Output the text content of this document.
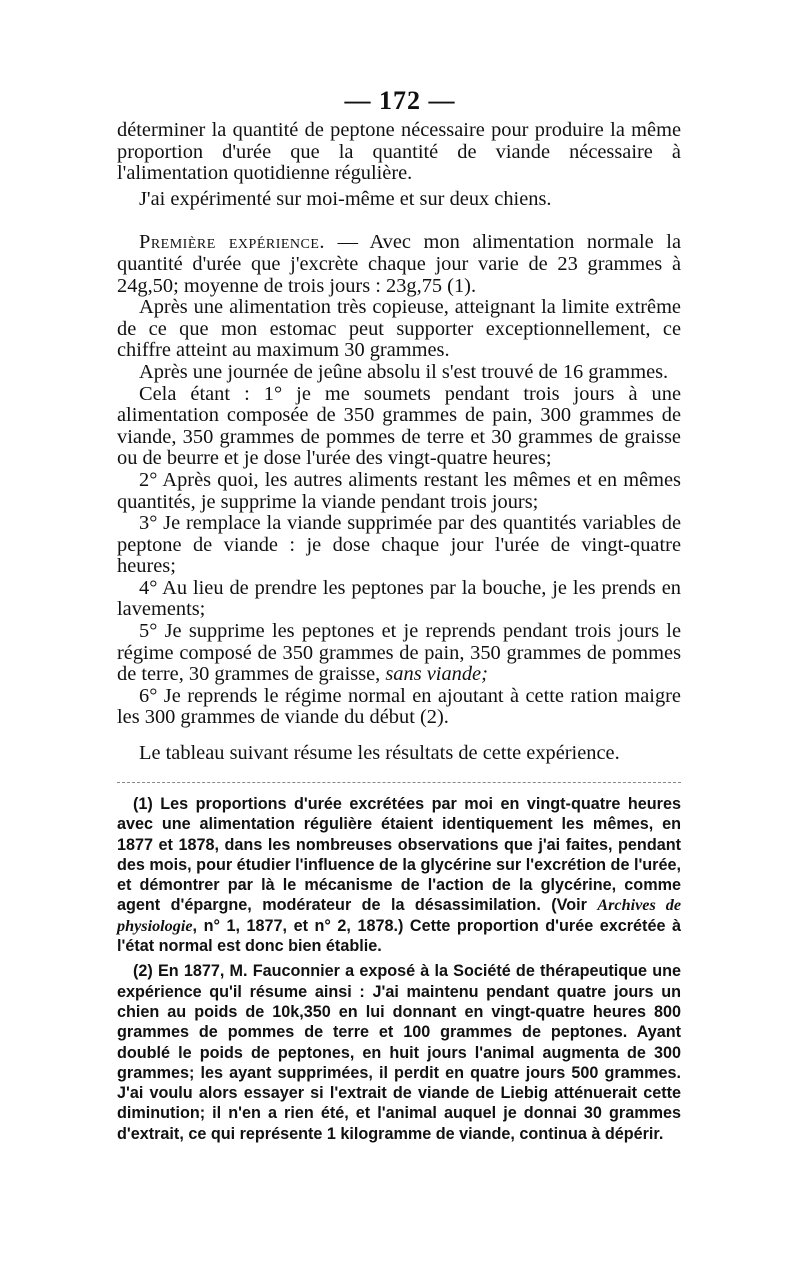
— 172 —

déterminer la quantité de peptone nécessaire pour produire la même proportion d'urée que la quantité de viande nécessaire à l'alimentation quotidienne régulière.

J'ai expérimenté sur moi-même et sur deux chiens.

Première expérience. — Avec mon alimentation normale la quantité d'urée que j'excrète chaque jour varie de 23 grammes à 24g,50; moyenne de trois jours : 23g,75 (1).

Après une alimentation très copieuse, atteignant la limite extrême de ce que mon estomac peut supporter exceptionnellement, ce chiffre atteint au maximum 30 grammes.

Après une journée de jeûne absolu il s'est trouvé de 16 grammes.

Cela étant : 1° je me soumets pendant trois jours à une alimentation composée de 350 grammes de pain, 300 grammes de viande, 350 grammes de pommes de terre et 30 grammes de graisse ou de beurre et je dose l'urée des vingt-quatre heures;

2° Après quoi, les autres aliments restant les mêmes et en mêmes quantités, je supprime la viande pendant trois jours;

3° Je remplace la viande supprimée par des quantités variables de peptone de viande : je dose chaque jour l'urée de vingt-quatre heures;

4° Au lieu de prendre les peptones par la bouche, je les prends en lavements;

5° Je supprime les peptones et je reprends pendant trois jours le régime composé de 350 grammes de pain, 350 grammes de pommes de terre, 30 grammes de graisse, sans viande;

6° Je reprends le régime normal en ajoutant à cette ration maigre les 300 grammes de viande du début (2).

Le tableau suivant résume les résultats de cette expérience.

(1) Les proportions d'urée excrétées par moi en vingt-quatre heures avec une alimentation régulière étaient identiquement les mêmes, en 1877 et 1878, dans les nombreuses observations que j'ai faites, pendant des mois, pour étudier l'influence de la glycérine sur l'excrétion de l'urée, et démontrer par là le mécanisme de l'action de la glycérine, comme agent d'épargne, modérateur de la désassimilation. (Voir Archives de physiologie, n° 1, 1877, et n° 2, 1878.) Cette proportion d'urée excrétée à l'état normal est donc bien établie.

(2) En 1877, M. Fauconnier a exposé à la Société de thérapeutique une expérience qu'il résume ainsi : J'ai maintenu pendant quatre jours un chien au poids de 10k,350 en lui donnant en vingt-quatre heures 800 grammes de pommes de terre et 100 grammes de peptones. Ayant doublé le poids de peptones, en huit jours l'animal augmenta de 300 grammes; les ayant supprimées, il perdit en quatre jours 500 grammes. J'ai voulu alors essayer si l'extrait de viande de Liebig atténuerait cette diminution; il n'en a rien été, et l'animal auquel je donnai 30 grammes d'extrait, ce qui représente 1 kilogramme de viande, continua à dépérir.
